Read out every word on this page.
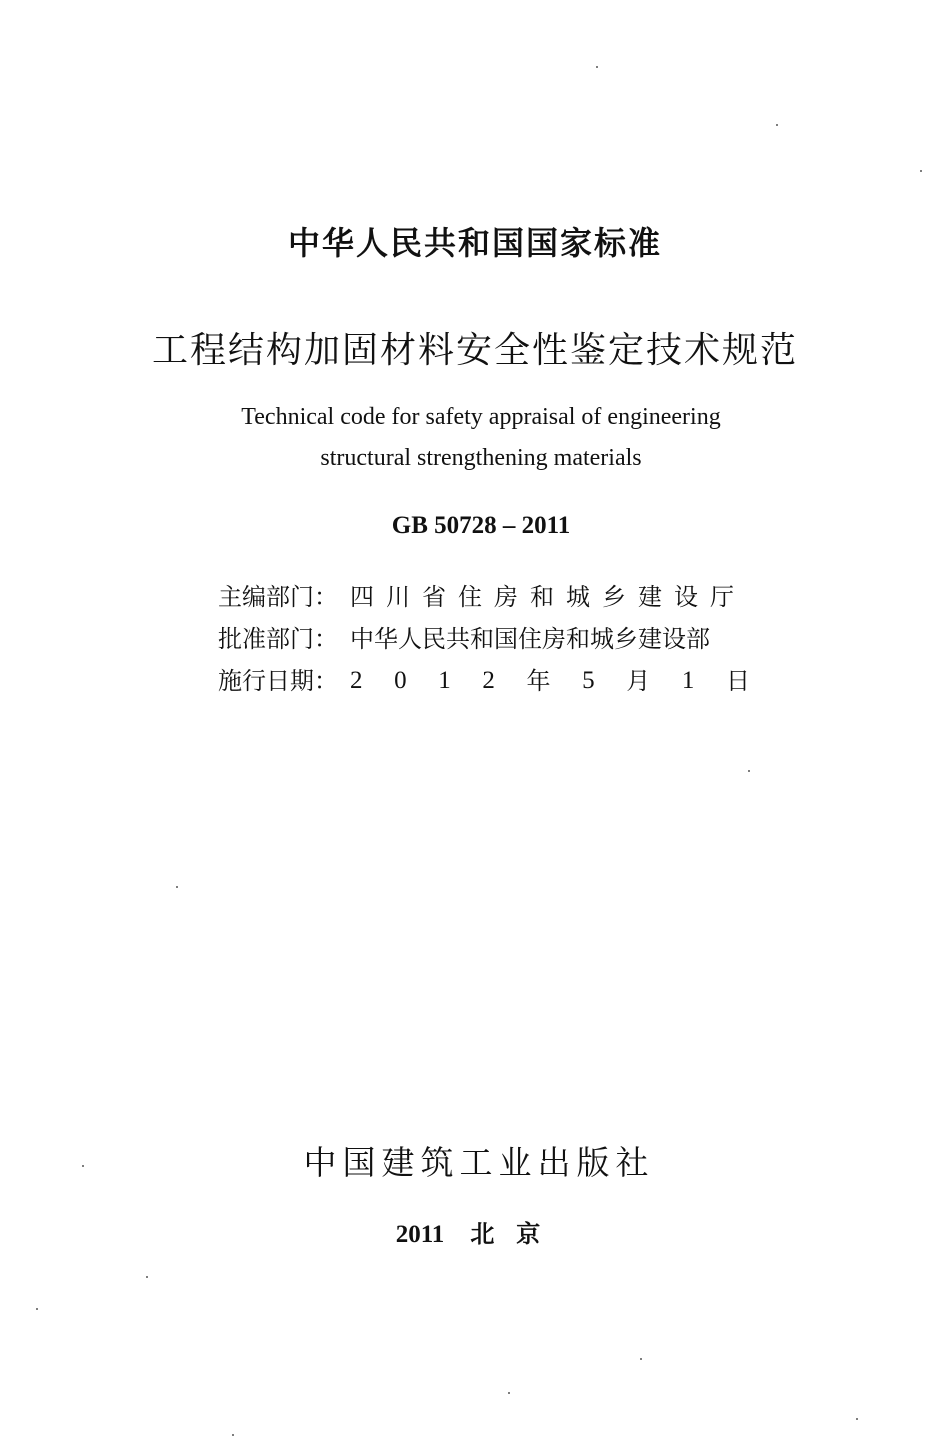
中华人民共和国国家标准
工程结构加固材料安全性鉴定技术规范
Technical code for safety appraisal of engineering
structural strengthening materials
GB 50728 – 2011
主编部门： 四川省住房和城乡建设厅
批准部门： 中华人民共和国住房和城乡建设部
施行日期： 2 0 1 2 年 5 月 1 日
中国建筑工业出版社
2011 北京
